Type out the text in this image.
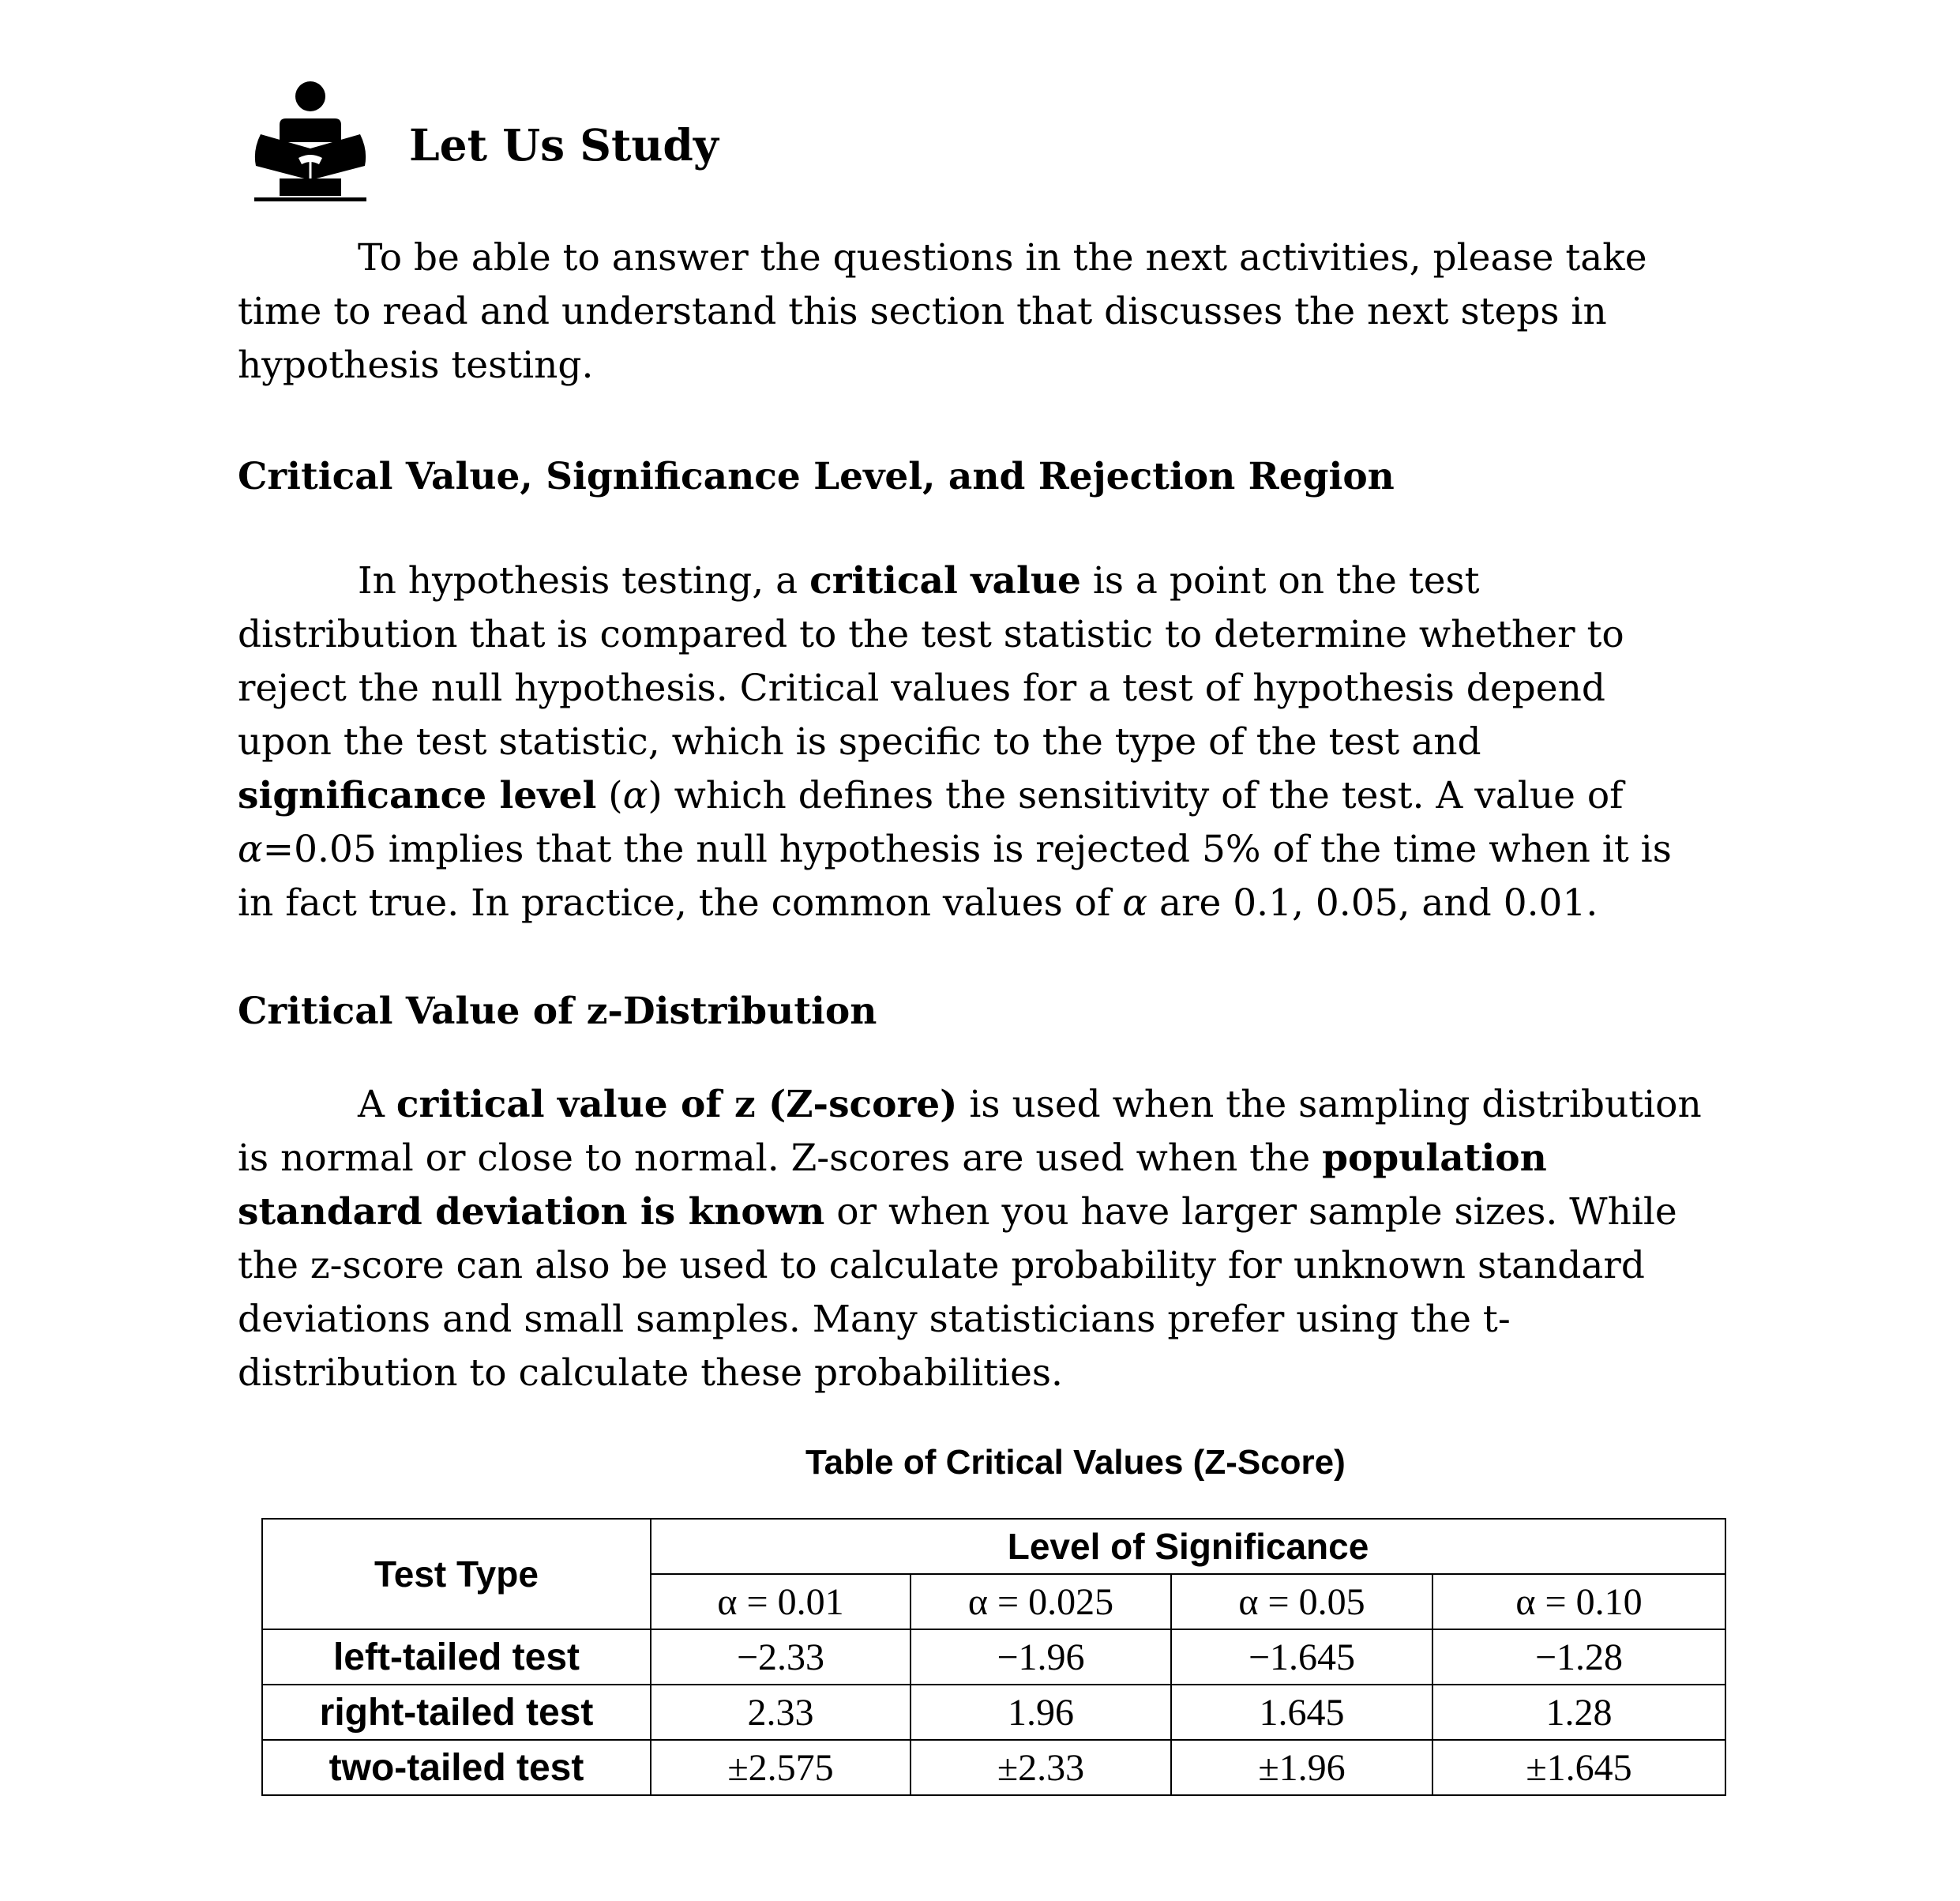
Let Us Study
To be able to answer the questions in the next activities, please take
time to read and understand this section that discusses the next steps in
hypothesis testing.
Critical Value, Significance Level, and Rejection Region
In hypothesis testing, a critical value is a point on the test
distribution that is compared to the test statistic to determine whether to
reject the null hypothesis. Critical values for a test of hypothesis depend
upon the test statistic, which is specific to the type of the test and
significance level (α) which defines the sensitivity of the test. A value of
α=0.05 implies that the null hypothesis is rejected 5% of the time when it is
in fact true. In practice, the common values of α are 0.1, 0.05, and 0.01.
Critical Value of z-Distribution
A critical value of z (Z-score) is used when the sampling distribution
is normal or close to normal. Z-scores are used when the population
standard deviation is known or when you have larger sample sizes. While
the z-score can also be used to calculate probability for unknown standard
deviations and small samples. Many statisticians prefer using the t-
distribution to calculate these probabilities.
Table of Critical Values (Z-Score)
Test Type	Level of Significance			
	α = 0.01	α = 0.025	α = 0.05	α = 0.10
left-tailed test	−2.33	−1.96	−1.645	−1.28
right-tailed test	2.33	1.96	1.645	1.28
two-tailed test	±2.575	±2.33	±1.96	±1.645
